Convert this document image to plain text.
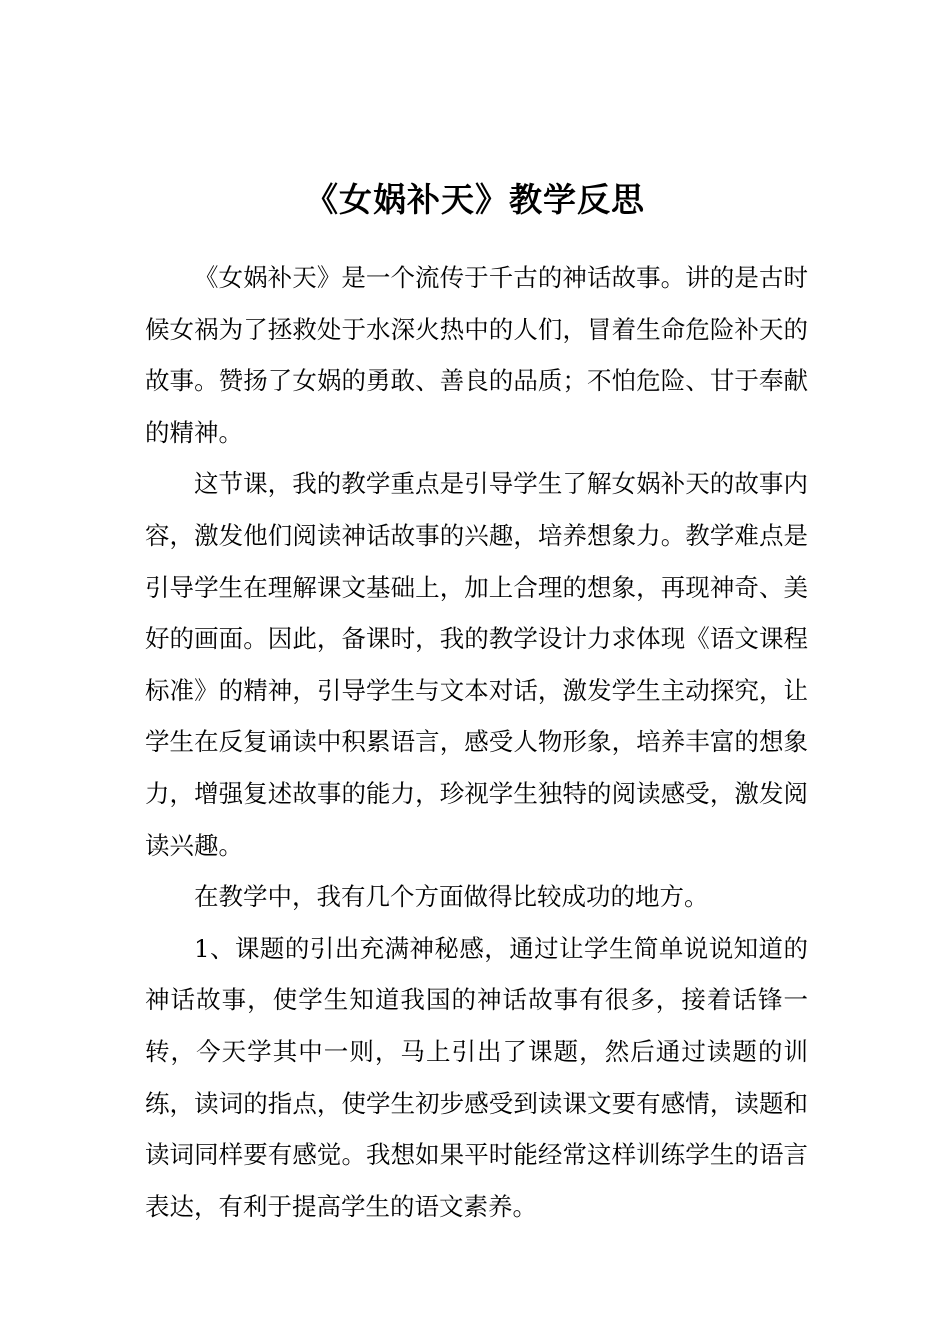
《女娲补天》教学反思

《女娲补天》是一个流传于千古的神话故事。讲的是古时候女祸为了拯救处于水深火热中的人们，冒着生命危险补天的故事。赞扬了女娲的勇敢、善良的品质；不怕危险、甘于奉献的精神。

这节课，我的教学重点是引导学生了解女娲补天的故事内容，激发他们阅读神话故事的兴趣，培养想象力。教学难点是引导学生在理解课文基础上，加上合理的想象，再现神奇、美好的画面。因此，备课时，我的教学设计力求体现《语文课程标准》的精神，引导学生与文本对话，激发学生主动探究，让学生在反复诵读中积累语言，感受人物形象，培养丰富的想象力，增强复述故事的能力，珍视学生独特的阅读感受，激发阅读兴趣。

在教学中，我有几个方面做得比较成功的地方。

1、课题的引出充满神秘感，通过让学生简单说说知道的神话故事，使学生知道我国的神话故事有很多，接着话锋一转，今天学其中一则，马上引出了课题，然后通过读题的训练，读词的指点，使学生初步感受到读课文要有感情，读题和读词同样要有感觉。我想如果平时能经常这样训练学生的语言表达，有利于提高学生的语文素养。
